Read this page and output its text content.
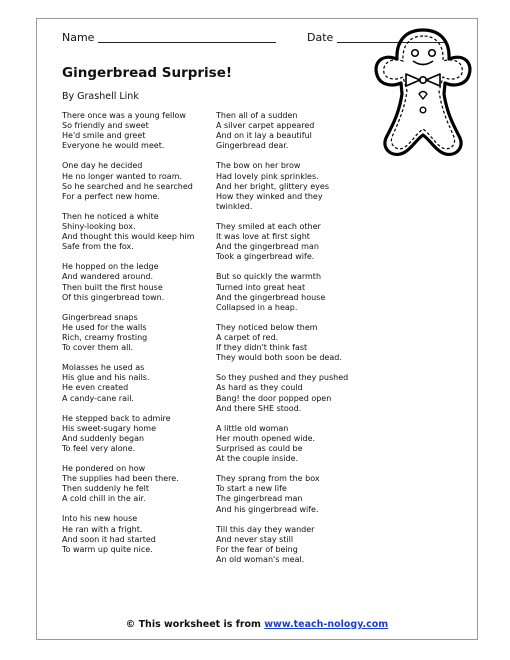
Name	Date
Gingerbread Surprise!
By Grashell Link
There once was a young fellow
So friendly and sweet
He'd smile and greet
Everyone he would meet.
One day he decided
He no longer wanted to roam.
So he searched and he searched
For a perfect new home.
Then he noticed a white
Shiny-looking box.
And thought this would keep him
Safe from the fox.
He hopped on the ledge
And wandered around.
Then built the first house
Of this gingerbread town.
Gingerbread snaps
He used for the walls
Rich, creamy frosting
To cover them all.
Molasses he used as
His glue and his nails.
He even created
A candy-cane rail.
He stepped back to admire
His sweet-sugary home
And suddenly began
To feel very alone.
He pondered on how
The supplies had been there.
Then suddenly he felt
A cold chill in the air.
Into his new house
He ran with a fright.
And soon it had started
To warm up quite nice.
Then all of a sudden
A silver carpet appeared
And on it lay a beautiful
Gingerbread dear.
The bow on her brow
Had lovely pink sprinkles.
And her bright, glittery eyes
How they winked and they
twinkled.
They smiled at each other
It was love at first sight
And the gingerbread man
Took a gingerbread wife.
But so quickly the warmth
Turned into great heat
And the gingerbread house
Collapsed in a heap.
They noticed below them
A carpet of red.
If they didn't think fast
They would both soon be dead.
So they pushed and they pushed
As hard as they could
Bang! the door popped open
And there SHE stood.
A little old woman
Her mouth opened wide.
Surprised as could be
At the couple inside.
They sprang from the box
To start a new life
The gingerbread man
And his gingerbread wife.
Till this day they wander
And never stay still
For the fear of being
An old woman's meal.
© This worksheet is from www.teach-nology.com
